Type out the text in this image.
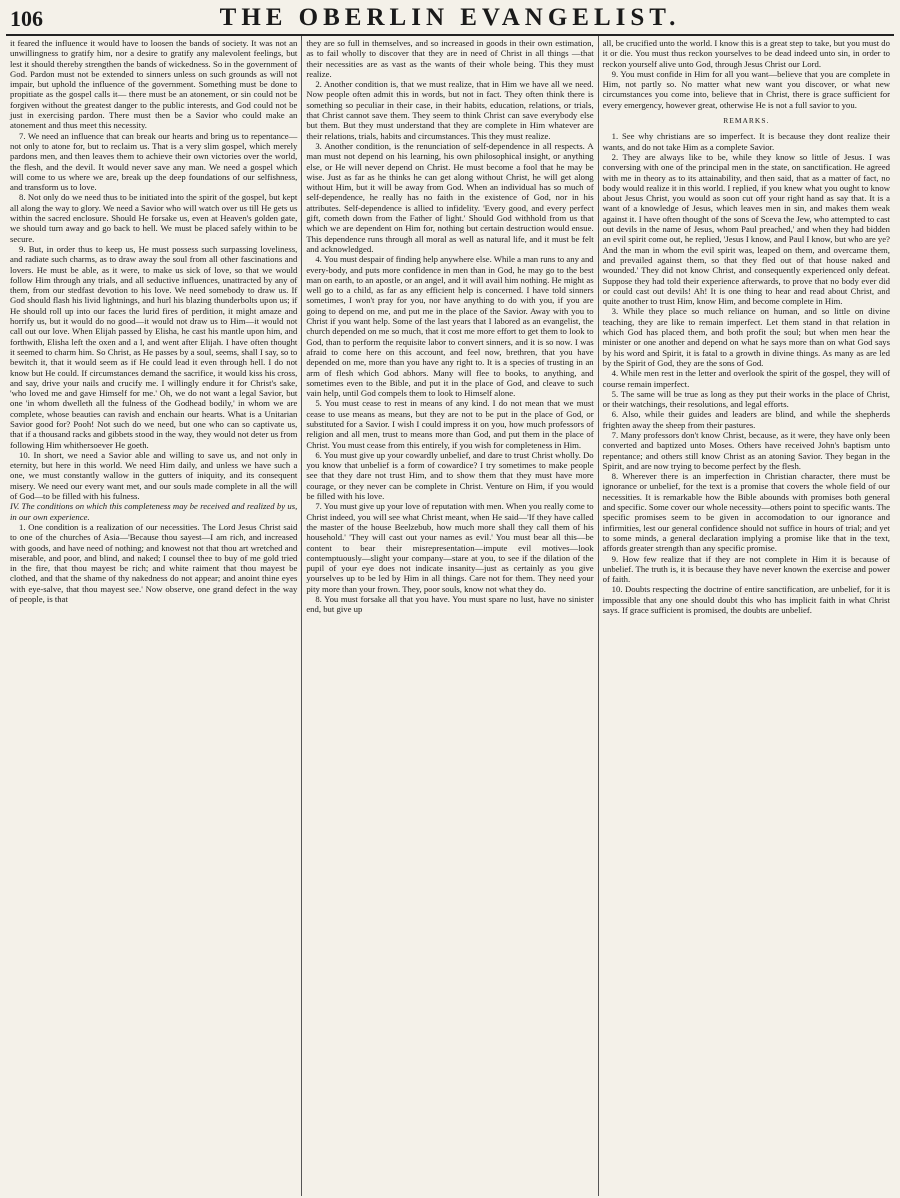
106	THE OBERLIN EVANGELIST.

it feared the influence it would have to loosen the bands of society. It was not an unwillingness to gratify him, nor a desire to gratify any malevolent feelings, but lest it should thereby strengthen the bands of wickedness. So in the government of God. Pardon must not be extended to sinners unless on such grounds as will not impair, but uphold the influence of the government. Something must be done to propitiate as the gospel calls it— there must be an atonement, or sin could not be forgiven without the greatest danger to the public interests, and God could not be just in exercising pardon. There must then be a Savior who could make an atonement and thus meet this necessity.

7. We need an influence that can break our hearts and bring us to repentance—not only to atone for, but to reclaim us. That is a very slim gospel, which merely pardons men, and then leaves them to achieve their own victories over the world, the flesh, and the devil. It would never save any man. We need a gospel which will come to us where we are, break up the deep foundations of our selfishness, and transform us to love.

8. Not only do we need thus to be initiated into the spirit of the gospel, but kept all along the way to glory. We need a Savior who will watch over us till He gets us within the sacred enclosure. Should He forsake us, even at Heaven's golden gate, we should turn away and go back to hell. We must be placed safely within to be secure.

9. But, in order thus to keep us, He must possess such surpassing loveliness, and radiate such charms, as to draw away the soul from all other fascinations and lovers. He must be able, as it were, to make us sick of love, so that we would follow Him through any trials, and all seductive influences, unattracted by any of them, from our stedfast devotion to his love. We need somebody to draw us. If God should flash his livid lightnings, and hurl his blazing thunderbolts upon us; if He should roll up into our faces the lurid fires of perdition, it might amaze and horrify us, but it would do no good—it would not draw us to Him—it would not call out our love. When Elijah passed by Elisha, he cast his mantle upon him, and forthwith, Elisha left the oxen and a l, and went after Elijah. I have often thought it seemed to charm him. So Christ, as He passes by a soul, seems, shall I say, so to bewitch it, that it would seem as if He could lead it even through hell. I do not know but He could. If circumstances demand the sacrifice, it would kiss his cross, and say, drive your nails and crucify me. I willingly endure it for Christ's sake, 'who loved me and gave Himself for me.' Oh, we do not want a legal Savior, but one 'in whom dwelleth all the fulness of the Godhead bodily,' in whom we are complete, whose beauties can ravish and enchain our hearts. What is a Unitarian Savior good for? Pooh! Not such do we need, but one who can so captivate us, that if a thousand racks and gibbets stood in the way, they would not deter us from following Him whithersoever He goeth.

10. In short, we need a Savior able and willing to save us, and not only in eternity, but here in this world. We need Him daily, and unless we have such a one, we must constantly wallow in the gutters of iniquity, and its consequent misery. We need our every want met, and our souls made complete in all the will of God—to be filled with his fulness.

IV. The conditions on which this completeness may be received and realized by us, in our own experience.

1. One condition is a realization of our necessities. The Lord Jesus Christ said to one of the churches of Asia—'Because thou sayest—I am rich, and increased with goods, and have need of nothing; and knowest not that thou art wretched and miserable, and poor, and blind, and naked; I counsel thee to buy of me gold tried in the fire, that thou mayest be rich; and white raiment that thou mayest be clothed, and that the shame of thy nakedness do not appear; and anoint thine eyes with eye-salve, that thou mayest see.' Now observe, one grand defect in the way of people, is that

they are so full in themselves, and so increased in goods in their own estimation, as to fail wholly to discover that they are in need of Christ in all things —that their necessities are as vast as the wants of their whole being. This they must realize.

2. Another condition is, that we must realize, that in Him we have all we need. Now people often admit this in words, but not in fact. They often think there is something so peculiar in their case, in their habits, education, relations, or trials, that Christ cannot save them. They seem to think Christ can save everybody else but them. But they must understand that they are complete in Him whatever are their relations, trials, habits and circumstances. This they must realize.

3. Another condition, is the renunciation of self-dependence in all respects. A man must not depend on his learning, his own philosophical insight, or anything else, or He will never depend on Christ. He must become a fool that he may be wise. Just as far as he thinks he can get along without Christ, he will get along without Him, but it will be away from God. When an individual has so much of self-dependence, he really has no faith in the existence of God, nor in his attributes. Self-dependence is allied to infidelity. 'Every good, and every perfect gift, cometh down from the Father of light.' Should God withhold from us that which we are dependent on Him for, nothing but certain destruction would ensue. This dependence runs through all moral as well as natural life, and it must be felt and acknowledged.

4. You must despair of finding help anywhere else. While a man runs to any and every-body, and puts more confidence in men than in God, he may go to the best man on earth, to an apostle, or an angel, and it will avail him nothing. He might as well go to a child, as far as any efficient help is concerned. I have told sinners sometimes, I won't pray for you, nor have anything to do with you, if you are going to depend on me, and put me in the place of the Savior. Away with you to Christ if you want help. Some of the last years that I labored as an evangelist, the church depended on me so much, that it cost me more effort to get them to look to God, than to perform the requisite labor to convert sinners, and it is so now. I was afraid to come here on this account, and feel now, brethren, that you have depended on me, more than you have any right to. It is a species of trusting in an arm of flesh which God abhors. Many will flee to books, to anything, and sometimes even to the Bible, and put it in the place of God, and cleave to such vain help, until God compels them to look to Himself alone.

5. You must cease to rest in means of any kind. I do not mean that we must cease to use means as means, but they are not to be put in the place of God, or substituted for a Savior. I wish I could impress it on you, how much professors of religion and all men, trust to means more than God, and put them in the place of Christ. You must cease from this entirely, if you wish for completeness in Him.

6. You must give up your cowardly unbelief, and dare to trust Christ wholly. Do you know that unbelief is a form of cowardice? I try sometimes to make people see that they dare not trust Him, and to show them that they must have more courage, or they never can be complete in Christ. Venture on Him, if you would be filled with his love.

7. You must give up your love of reputation with men. When you really come to Christ indeed, you will see what Christ meant, when He said—'If they have called the master of the house Beelzebub, how much more shall they call them of his household.' 'They will cast out your names as evil.' You must bear all this—be content to bear their misrepresentation—impute evil motives—look contemptuously—slight your company—stare at you, to see if the dilation of the pupil of your eye does not indicate insanity—just as certainly as you give yourselves up to be led by Him in all things. Care not for them. They need your pity more than your frown. They, poor souls, know not what they do.

8. You must forsake all that you have. You must spare no lust, have no sinister end, but give up

all, be crucified unto the world. I know this is a great step to take, but you must do it or die. You must thus reckon yourselves to be dead indeed unto sin, in order to reckon yourself alive unto God, through Jesus Christ our Lord.

9. You must confide in Him for all you want—believe that you are complete in Him, not partly so. No matter what new want you discover, or what new circumstances you come into, believe that in Christ, there is grace sufficient for every emergency, however great, otherwise He is not a full savior to you.

REMARKS.

1. See why christians are so imperfect. It is because they dont realize their wants, and do not take Him as a complete Savior.

2. They are always like to be, while they know so little of Jesus. I was conversing with one of the principal men in the state, on sanctification. He agreed with me in theory as to its attainability, and then said, that as a matter of fact, no body would realize it in this world. I replied, if you knew what you ought to know about Jesus Christ, you would as soon cut off your right hand as say that. It is a want of a knowledge of Jesus, which leaves men in sin, and makes them weak against it. I have often thought of the sons of Sceva the Jew, who attempted to cast out devils in the name of Jesus, whom Paul preached,' and when they had bidden an evil spirit come out, he replied, 'Jesus I know, and Paul I know, but who are ye? And the man in whom the evil spirit was, leaped on them, and overcame them, and prevailed against them, so that they fled out of that house naked and wounded.' They did not know Christ, and consequently experienced only defeat. Suppose they had told their experience afterwards, to prove that no body ever did or could cast out devils! Ah! It is one thing to hear and read about Christ, and quite another to trust Him, know Him, and become complete in Him.

3. While they place so much reliance on human, and so little on divine teaching, they are like to remain imperfect. Let them stand in that relation in which God has placed them, and both profit the soul; but when men hear the minister or one another and depend on what he says more than on what God says by his word and Spirit, it is fatal to a growth in divine things. As many as are led by the Spirit of God, they are the sons of God.

4. While men rest in the letter and overlook the spirit of the gospel, they will of course remain imperfect.

5. The same will be true as long as they put their works in the place of Christ, or their watchings, their resolutions, and legal efforts.

6. Also, while their guides and leaders are blind, and while the shepherds frighten away the sheep from their pastures.

7. Many professors don't know Christ, because, as it were, they have only been converted and baptized unto Moses. Others have received John's baptism unto repentance; and others still know Christ as an atoning Savior. They began in the Spirit, and are now trying to become perfect by the flesh.

8. Wherever there is an imperfection in Christian character, there must be ignorance or unbelief, for the text is a promise that covers the whole field of our necessities. It is remarkable how the Bible abounds with promises both general and specific. Some cover our whole necessity—others point to specific wants. The specific promises seem to be given in accomodation to our ignorance and infirmities, lest our general confidence should not suffice in hours of trial; and yet to some minds, a general declaration implying a promise like that in the text, affords greater strength than any specific promise.

9. How few realize that if they are not complete in Him it is because of unbelief. The truth is, it is because they have never known the exercise and power of faith.

10. Doubts respecting the doctrine of entire sanctification, are unbelief, for it is impossible that any one should doubt this who has implicit faith in what Christ says. If grace sufficient is promised, the doubts are unbelief.
